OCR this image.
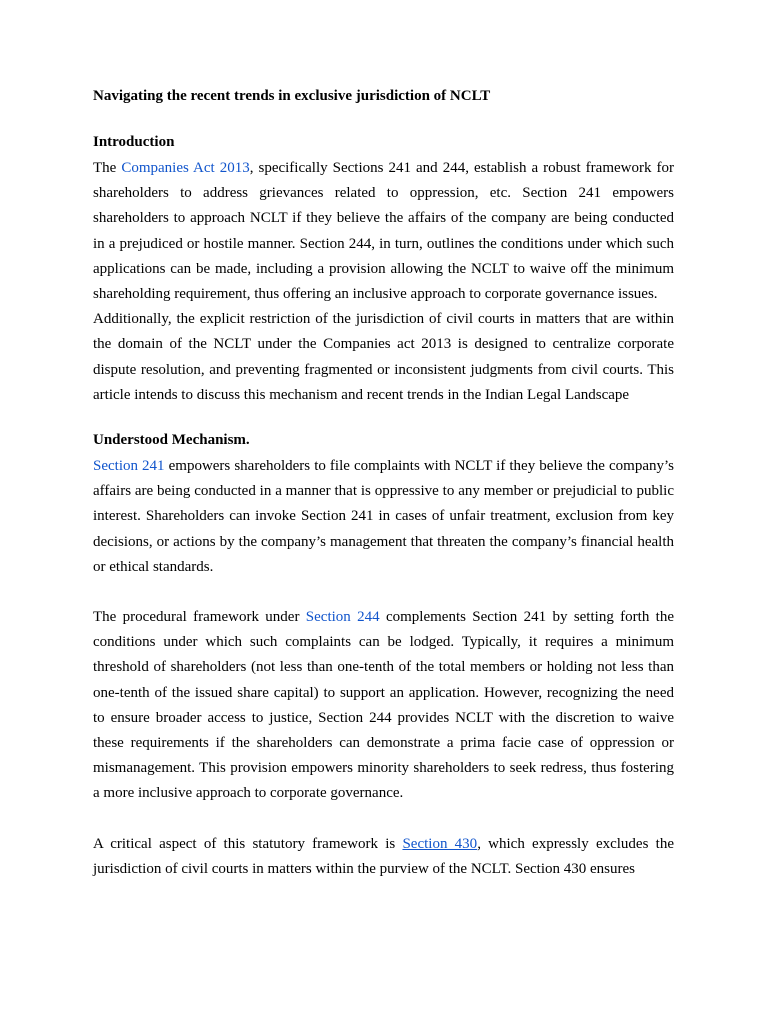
Navigating the recent trends in exclusive jurisdiction of NCLT
Introduction

The Companies Act 2013, specifically Sections 241 and 244, establish a robust framework for shareholders to address grievances related to oppression, etc. Section 241 empowers shareholders to approach NCLT if they believe the affairs of the company are being conducted in a prejudiced or hostile manner. Section 244, in turn, outlines the conditions under which such applications can be made, including a provision allowing the NCLT to waive off the minimum shareholding requirement, thus offering an inclusive approach to corporate governance issues.

Additionally, the explicit restriction of the jurisdiction of civil courts in matters that are within the domain of the NCLT under the Companies act 2013 is designed to centralize corporate dispute resolution, and preventing fragmented or inconsistent judgments from civil courts. This article intends to discuss this mechanism and recent trends in the Indian Legal Landscape

Understood Mechanism.

Section 241 empowers shareholders to file complaints with NCLT if they believe the company’s affairs are being conducted in a manner that is oppressive to any member or prejudicial to public interest. Shareholders can invoke Section 241 in cases of unfair treatment, exclusion from key decisions, or actions by the company’s management that threaten the company’s financial health or ethical standards.

The procedural framework under Section 244 complements Section 241 by setting forth the conditions under which such complaints can be lodged. Typically, it requires a minimum threshold of shareholders (not less than one-tenth of the total members or holding not less than one-tenth of the issued share capital) to support an application. However, recognizing the need to ensure broader access to justice, Section 244 provides NCLT with the discretion to waive these requirements if the shareholders can demonstrate a prima facie case of oppression or mismanagement. This provision empowers minority shareholders to seek redress, thus fostering a more inclusive approach to corporate governance.

A critical aspect of this statutory framework is Section 430, which expressly excludes the jurisdiction of civil courts in matters within the purview of the NCLT. Section 430 ensures
